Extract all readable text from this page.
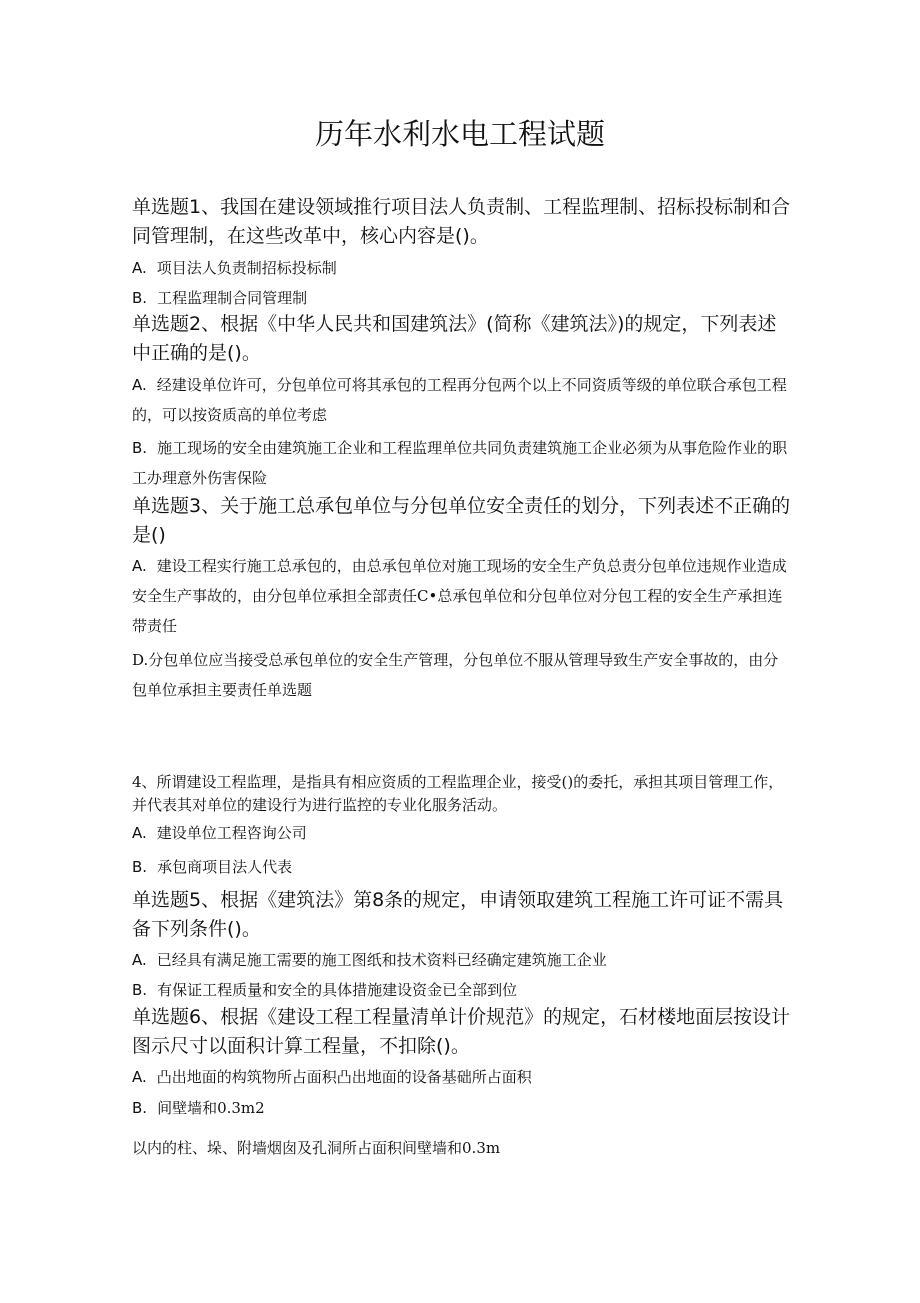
历年水利水电工程试题

单选题1、我国在建设领域推行项目法人负责制、工程监理制、招标投标制和合同管理制，在这些改革中，核心内容是()。

A. 项目法人负责制招标投标制

B. 工程监理制合同管理制

单选题2、根据《中华人民共和国建筑法》(简称《建筑法》)的规定，下列表述中正确的是()。

A. 经建设单位许可，分包单位可将其承包的工程再分包两个以上不同资质等级的单位联合承包工程的，可以按资质高的单位考虑

B. 施工现场的安全由建筑施工企业和工程监理单位共同负责建筑施工企业必须为从事危险作业的职工办理意外伤害保险

单选题3、关于施工总承包单位与分包单位安全责任的划分，下列表述不正确的是()

A. 建设工程实行施工总承包的，由总承包单位对施工现场的安全生产负总责分包单位违规作业造成安全生产事故的，由分包单位承担全部责任C•总承包单位和分包单位对分包工程的安全生产承担连带责任

D.分包单位应当接受总承包单位的安全生产管理，分包单位不服从管理导致生产安全事故的，由分包单位承担主要责任单选题

4、所谓建设工程监理，是指具有相应资质的工程监理企业，接受()的委托，承担其项目管理工作，并代表其对单位的建设行为进行监控的专业化服务活动。

A. 建设单位工程咨询公司

B. 承包商项目法人代表

单选题5、根据《建筑法》第8条的规定，申请领取建筑工程施工许可证不需具备下列条件()。

A. 已经具有满足施工需要的施工图纸和技术资料已经确定建筑施工企业

B. 有保证工程质量和安全的具体措施建设资金已全部到位

单选题6、根据《建设工程工程量清单计价规范》的规定，石材楼地面层按设计图示尺寸以面积计算工程量，不扣除()。

A. 凸出地面的构筑物所占面积凸出地面的设备基础所占面积

B. 间壁墙和0.3m2

以内的柱、垛、附墙烟囱及孔洞所占面积间壁墙和0.3m
